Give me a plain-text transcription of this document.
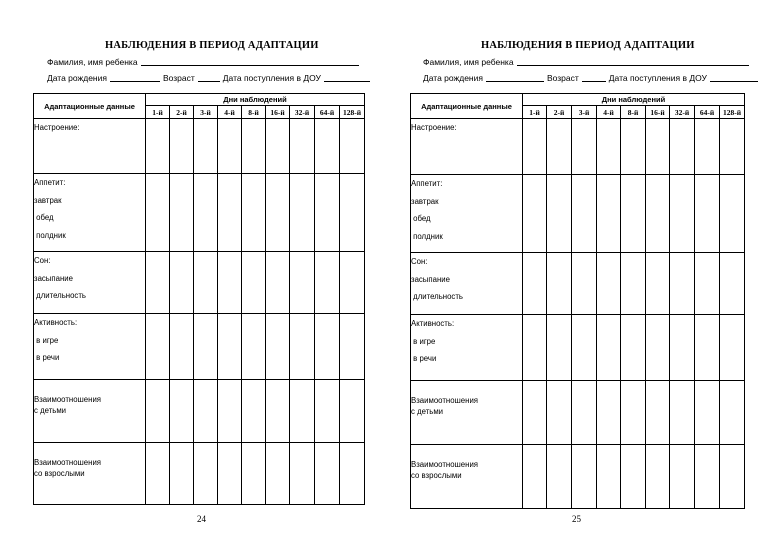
НАБЛЮДЕНИЯ В ПЕРИОД АДАПТАЦИИ
Фамилия, имя ребенка
Дата рождения	Возраст	Дата поступления в ДОУ
Адаптационные данные	Дни наблюдений								
	1-й	2-й	3-й	4-й	8-й	16-й	32-й	64-й	128-й

Настроение:									

Аппетит:
завтрак
обед
полдник									

Сон:
засыпание
длительность									

Активность:
в игре
в речи									

Взаимоотношения
с детьми									

Взаимоотношения
со взрослыми									

24
НАБЛЮДЕНИЯ В ПЕРИОД АДАПТАЦИИ
Фамилия, имя ребенка
Дата рождения	Возраст	Дата поступления в ДОУ
Адаптационные данные	Дни наблюдений								
	1-й	2-й	3-й	4-й	8-й	16-й	32-й	64-й	128-й

Настроение:									

Аппетит:
завтрак
обед
полдник									

Сон:
засыпание
длительность									

Активность:
в игре
в речи									

Взаимоотношения
с детьми									

Взаимоотношения
со взрослыми									

25
